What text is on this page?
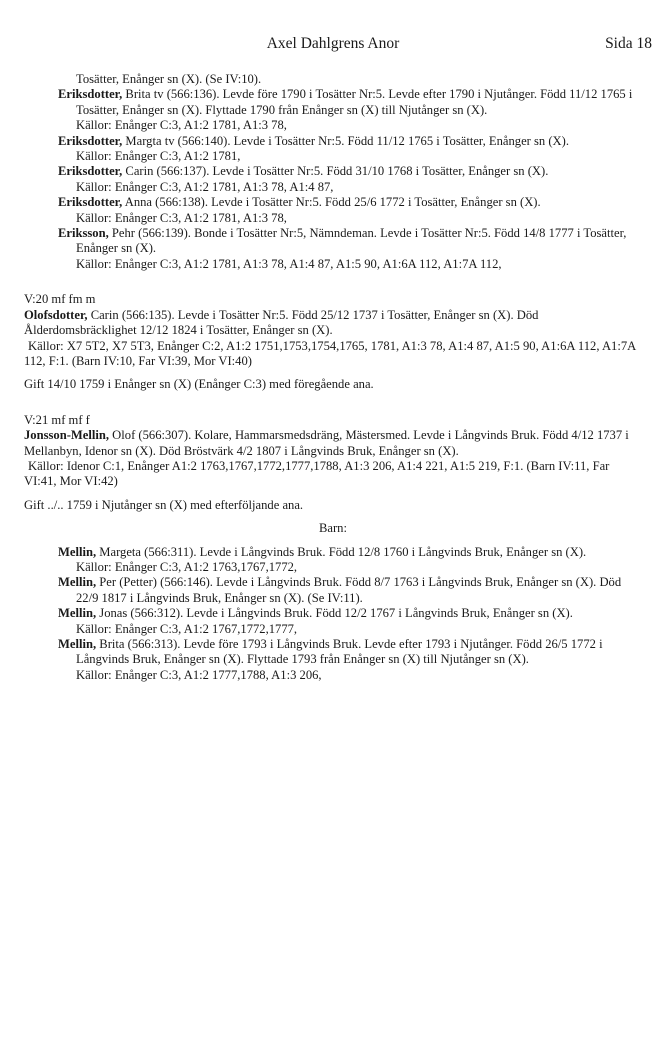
Axel Dahlgrens Anor	Sida 18

Tosätter, Enånger sn (X). (Se IV:10).

Eriksdotter, Brita tv (566:136). Levde före 1790 i Tosätter Nr:5. Levde efter 1790 i Njutånger. Född 11/12 1765 i Tosätter, Enånger sn (X). Flyttade 1790 från Enånger sn (X) till Njutånger sn (X).

Källor: Enånger C:3, A1:2 1781, A1:3 78,

Eriksdotter, Margta tv (566:140). Levde i Tosätter Nr:5. Född 11/12 1765 i Tosätter, Enånger sn (X).

Källor: Enånger C:3, A1:2 1781,

Eriksdotter, Carin (566:137). Levde i Tosätter Nr:5. Född 31/10 1768 i Tosätter, Enånger sn (X).

Källor: Enånger C:3, A1:2 1781, A1:3 78, A1:4 87,

Eriksdotter, Anna (566:138). Levde i Tosätter Nr:5. Född 25/6 1772 i Tosätter, Enånger sn (X).

Källor: Enånger C:3, A1:2 1781, A1:3 78,

Eriksson, Pehr (566:139). Bonde i Tosätter Nr:5, Nämndeman. Levde i Tosätter Nr:5. Född 14/8 1777 i Tosätter, Enånger sn (X).

Källor: Enånger C:3, A1:2 1781, A1:3 78, A1:4 87, A1:5 90, A1:6A 112, A1:7A 112,

V:20 mf fm m

Olofsdotter, Carin (566:135). Levde i Tosätter Nr:5. Född 25/12 1737 i Tosätter, Enånger sn (X). Död Ålderdomsbräcklighet 12/12 1824 i Tosätter, Enånger sn (X).

Källor: X7 5T2, X7 5T3, Enånger C:2, A1:2 1751,1753,1754,1765, 1781, A1:3 78, A1:4 87, A1:5 90, A1:6A 112, A1:7A 112, F:1. (Barn IV:10, Far VI:39, Mor VI:40)

Gift 14/10 1759 i Enånger sn (X) (Enånger C:3) med föregående ana.

V:21 mf mf f

Jonsson-Mellin, Olof (566:307). Kolare, Hammarsmedsdräng, Mästersmed. Levde i Långvinds Bruk. Född 4/12 1737 i Mellanbyn, Idenor sn (X). Död Bröstvärk 4/2 1807 i Långvinds Bruk, Enånger sn (X).

Källor: Idenor C:1, Enånger A1:2 1763,1767,1772,1777,1788, A1:3 206, A1:4 221, A1:5 219, F:1. (Barn IV:11, Far VI:41, Mor VI:42)

Gift ../.. 1759 i Njutånger sn (X) med efterföljande ana.

Barn:

Mellin, Margeta (566:311). Levde i Långvinds Bruk. Född 12/8 1760 i Långvinds Bruk, Enånger sn (X).

Källor: Enånger C:3, A1:2 1763,1767,1772,

Mellin, Per (Petter) (566:146). Levde i Långvinds Bruk. Född 8/7 1763 i Långvinds Bruk, Enånger sn (X). Död 22/9 1817 i Långvinds Bruk, Enånger sn (X). (Se IV:11).

Mellin, Jonas (566:312). Levde i Långvinds Bruk. Född 12/2 1767 i Långvinds Bruk, Enånger sn (X).

Källor: Enånger C:3, A1:2 1767,1772,1777,

Mellin, Brita (566:313). Levde före 1793 i Långvinds Bruk. Levde efter 1793 i Njutånger. Född 26/5 1772 i Långvinds Bruk, Enånger sn (X). Flyttade 1793 från Enånger sn (X) till Njutånger sn (X).

Källor: Enånger C:3, A1:2 1777,1788, A1:3 206,
